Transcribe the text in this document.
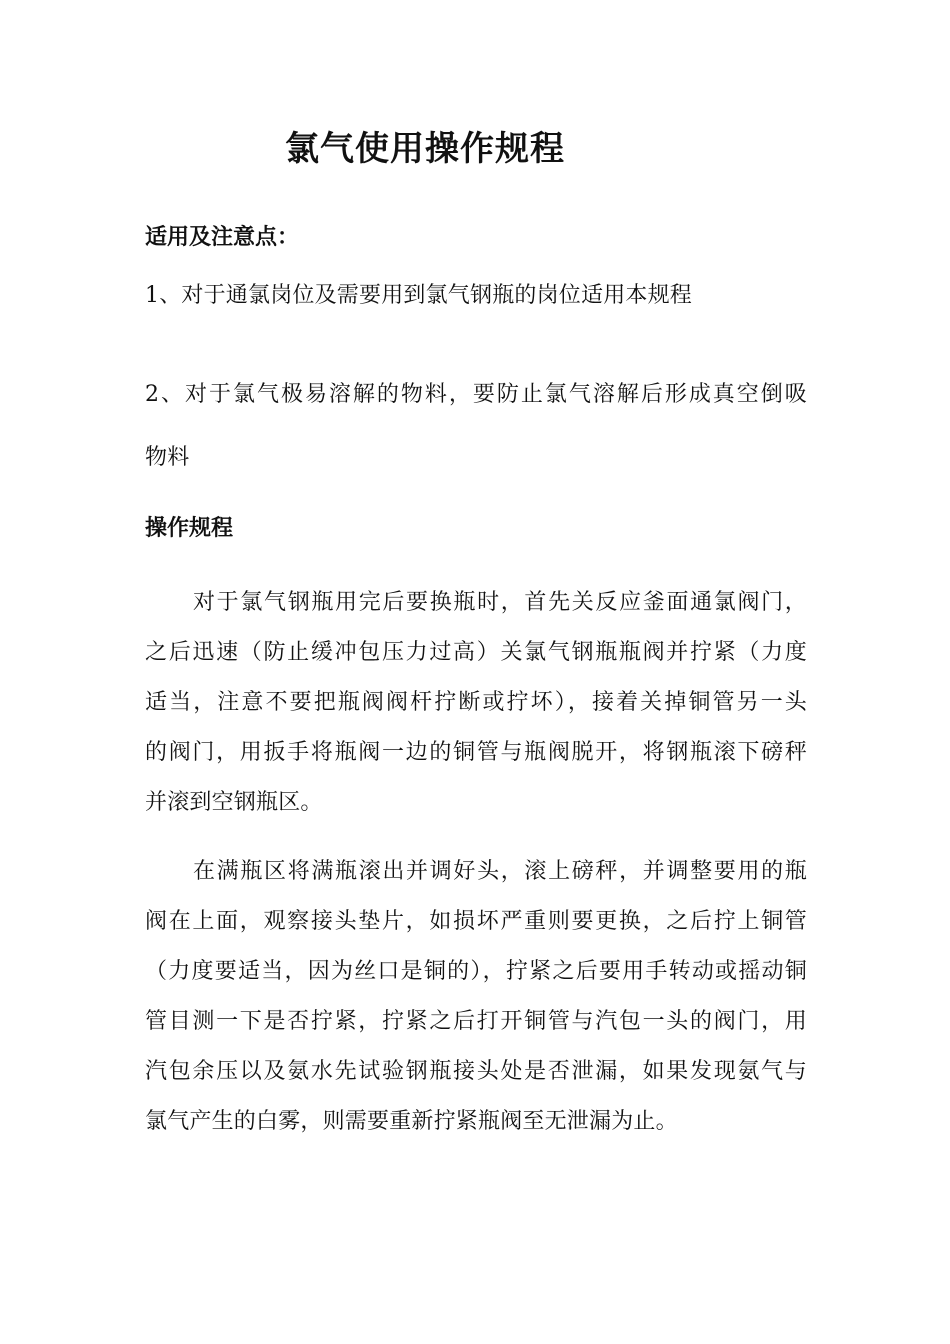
氯气使用操作规程
适用及注意点：
1、对于通氯岗位及需要用到氯气钢瓶的岗位适用本规程
2、对于氯气极易溶解的物料，要防止氯气溶解后形成真空倒吸
物料
操作规程
对于氯气钢瓶用完后要换瓶时，首先关反应釜面通氯阀门，
之后迅速（防止缓冲包压力过高）关氯气钢瓶瓶阀并拧紧（力度
适当，注意不要把瓶阀阀杆拧断或拧坏），接着关掉铜管另一头
的阀门，用扳手将瓶阀一边的铜管与瓶阀脱开，将钢瓶滚下磅秤
并滚到空钢瓶区。
在满瓶区将满瓶滚出并调好头，滚上磅秤，并调整要用的瓶
阀在上面，观察接头垫片，如损坏严重则要更换，之后拧上铜管
（力度要适当，因为丝口是铜的），拧紧之后要用手转动或摇动铜
管目测一下是否拧紧，拧紧之后打开铜管与汽包一头的阀门，用
汽包余压以及氨水先试验钢瓶接头处是否泄漏，如果发现氨气与
氯气产生的白雾，则需要重新拧紧瓶阀至无泄漏为止。
